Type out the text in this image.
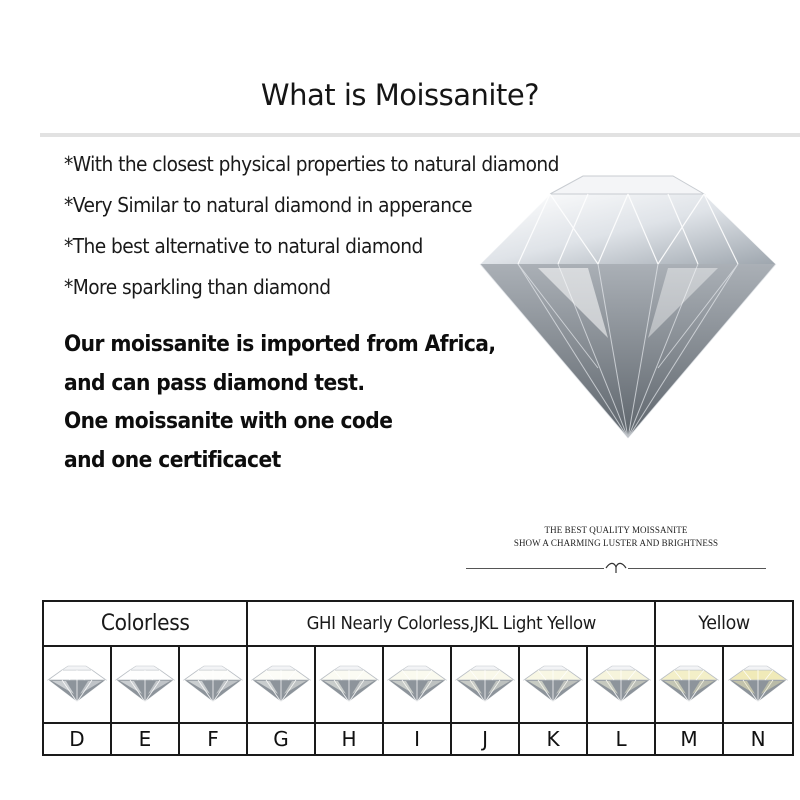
What is Moissanite?
*With the closest physical properties to natural diamond
*Very Similar to natural diamond in apperance
*The best alternative to natural diamond
*More sparkling than diamond
Our moissanite is imported from Africa,
and can pass diamond test.
One moissanite with one code
and one certificacet
THE BEST QUALITY MOISSANITE
SHOW A CHARMING LUSTER AND BRIGHTNESS
Colorless			GHI Nearly Colorless,JKL Light Yellow						Yellow	

D	E	F	G	H	I	J	K	L	M	N
